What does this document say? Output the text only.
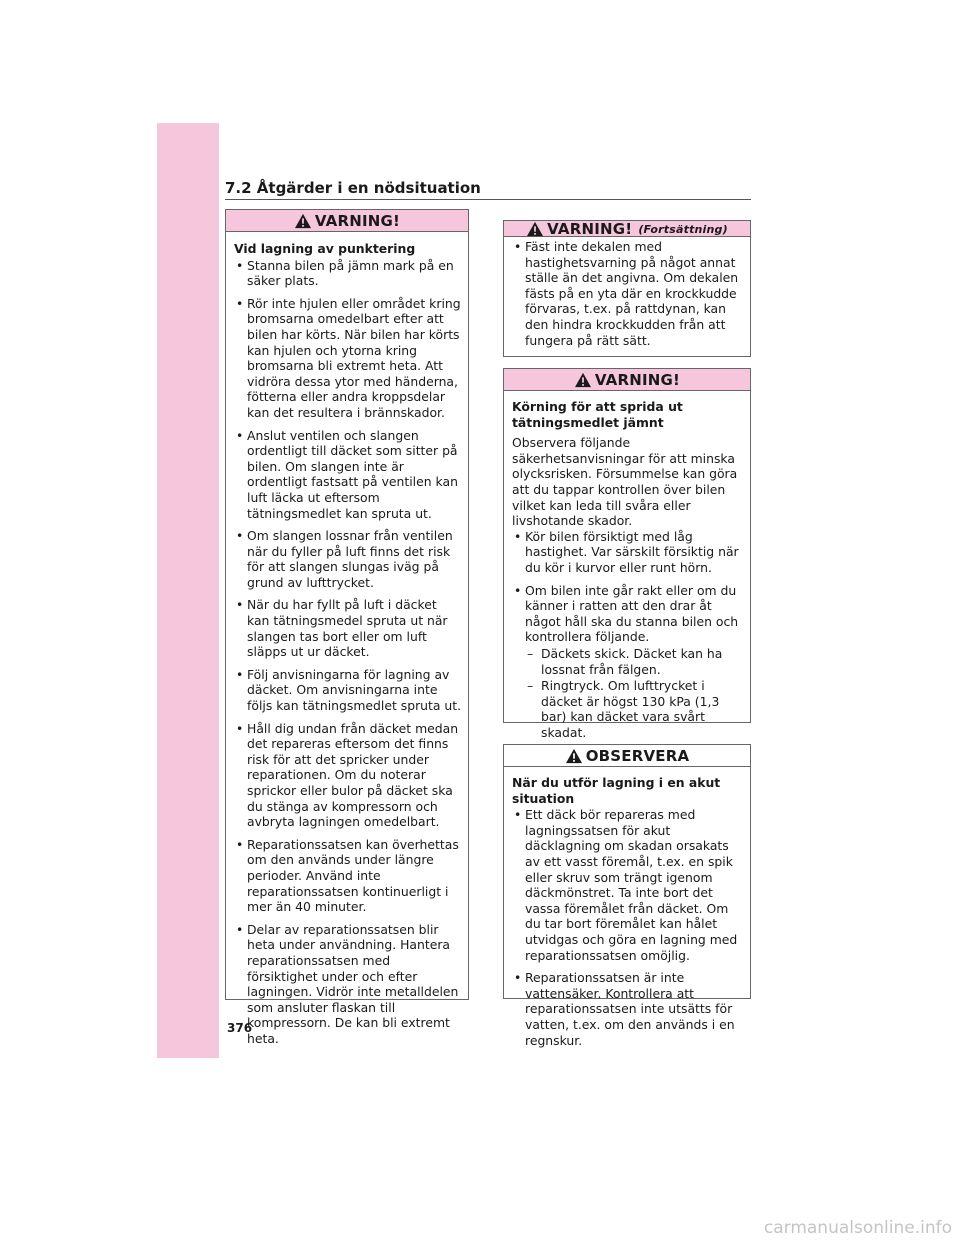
7.2 Åtgärder i en nödsituation
VARNING!

Vid lagning av punktering

• Stanna bilen på jämn mark på en säker plats.
• Rör inte hjulen eller området kring bromsarna omedelbart efter att bilen har körts. När bilen har körts kan hjulen och ytorna kring bromsarna bli extremt heta. Att vidröra dessa ytor med händerna, fötterna eller andra kroppsdelar kan det resultera i brännskador.
• Anslut ventilen och slangen ordentligt till däcket som sitter på bilen. Om slangen inte är ordentligt fastsatt på ventilen kan luft läcka ut eftersom tätningsmedlet kan spruta ut.
• Om slangen lossnar från ventilen när du fyller på luft finns det risk för att slangen slungas iväg på grund av lufttrycket.
• När du har fyllt på luft i däcket kan tätningsmedel spruta ut när slangen tas bort eller om luft släpps ut ur däcket.
• Följ anvisningarna för lagning av däcket. Om anvisningarna inte följs kan tätningsmedlet spruta ut.
• Håll dig undan från däcket medan det repareras eftersom det finns risk för att det spricker under reparationen. Om du noterar sprickor eller bulor på däcket ska du stänga av kompressorn och avbryta lagningen omedelbart.
• Reparationssatsen kan överhettas om den används under längre perioder. Använd inte reparationssatsen kontinuerligt i mer än 40 minuter.
• Delar av reparationssatsen blir heta under användning. Hantera reparationssatsen med försiktighet under och efter lagningen. Vidrör inte metalldelen som ansluter flaskan till kompressorn. De kan bli extremt heta.
VARNING! (Fortsättning)
• Fäst inte dekalen med hastighetsvarning på något annat ställe än det angivna. Om dekalen fästs på en yta där en krockkudde förvaras, t.ex. på rattdynan, kan den hindra krockkudden från att fungera på rätt sätt.
VARNING!

Körning för att sprida ut tätningsmedlet jämnt

Observera följande säkerhetsanvisningar för att minska olycksrisken. Försummelse kan göra att du tappar kontrollen över bilen vilket kan leda till svåra eller livshotande skador.

• Kör bilen försiktigt med låg hastighet. Var särskilt försiktig när du kör i kurvor eller runt hörn.
• Om bilen inte går rakt eller om du känner i ratten att den drar åt något håll ska du stanna bilen och kontrollera följande.
– Däckets skick. Däcket kan ha lossnat från fälgen.
– Ringtryck. Om lufttrycket i däcket är högst 130 kPa (1,3 bar) kan däcket vara svårt skadat.
OBSERVERA

När du utför lagning i en akut situation

• Ett däck bör repareras med lagningssatsen för akut däcklagning om skadan orsakats av ett vasst föremål, t.ex. en spik eller skruv som trängt igenom däckmönstret. Ta inte bort det vassa föremålet från däcket. Om du tar bort föremålet kan hålet utvidgas och göra en lagning med reparationssatsen omöjlig.
• Reparationssatsen är inte vattensäker. Kontrollera att reparationssatsen inte utsätts för vatten, t.ex. om den används i en regnskur.
376
carmanualsonline.info
